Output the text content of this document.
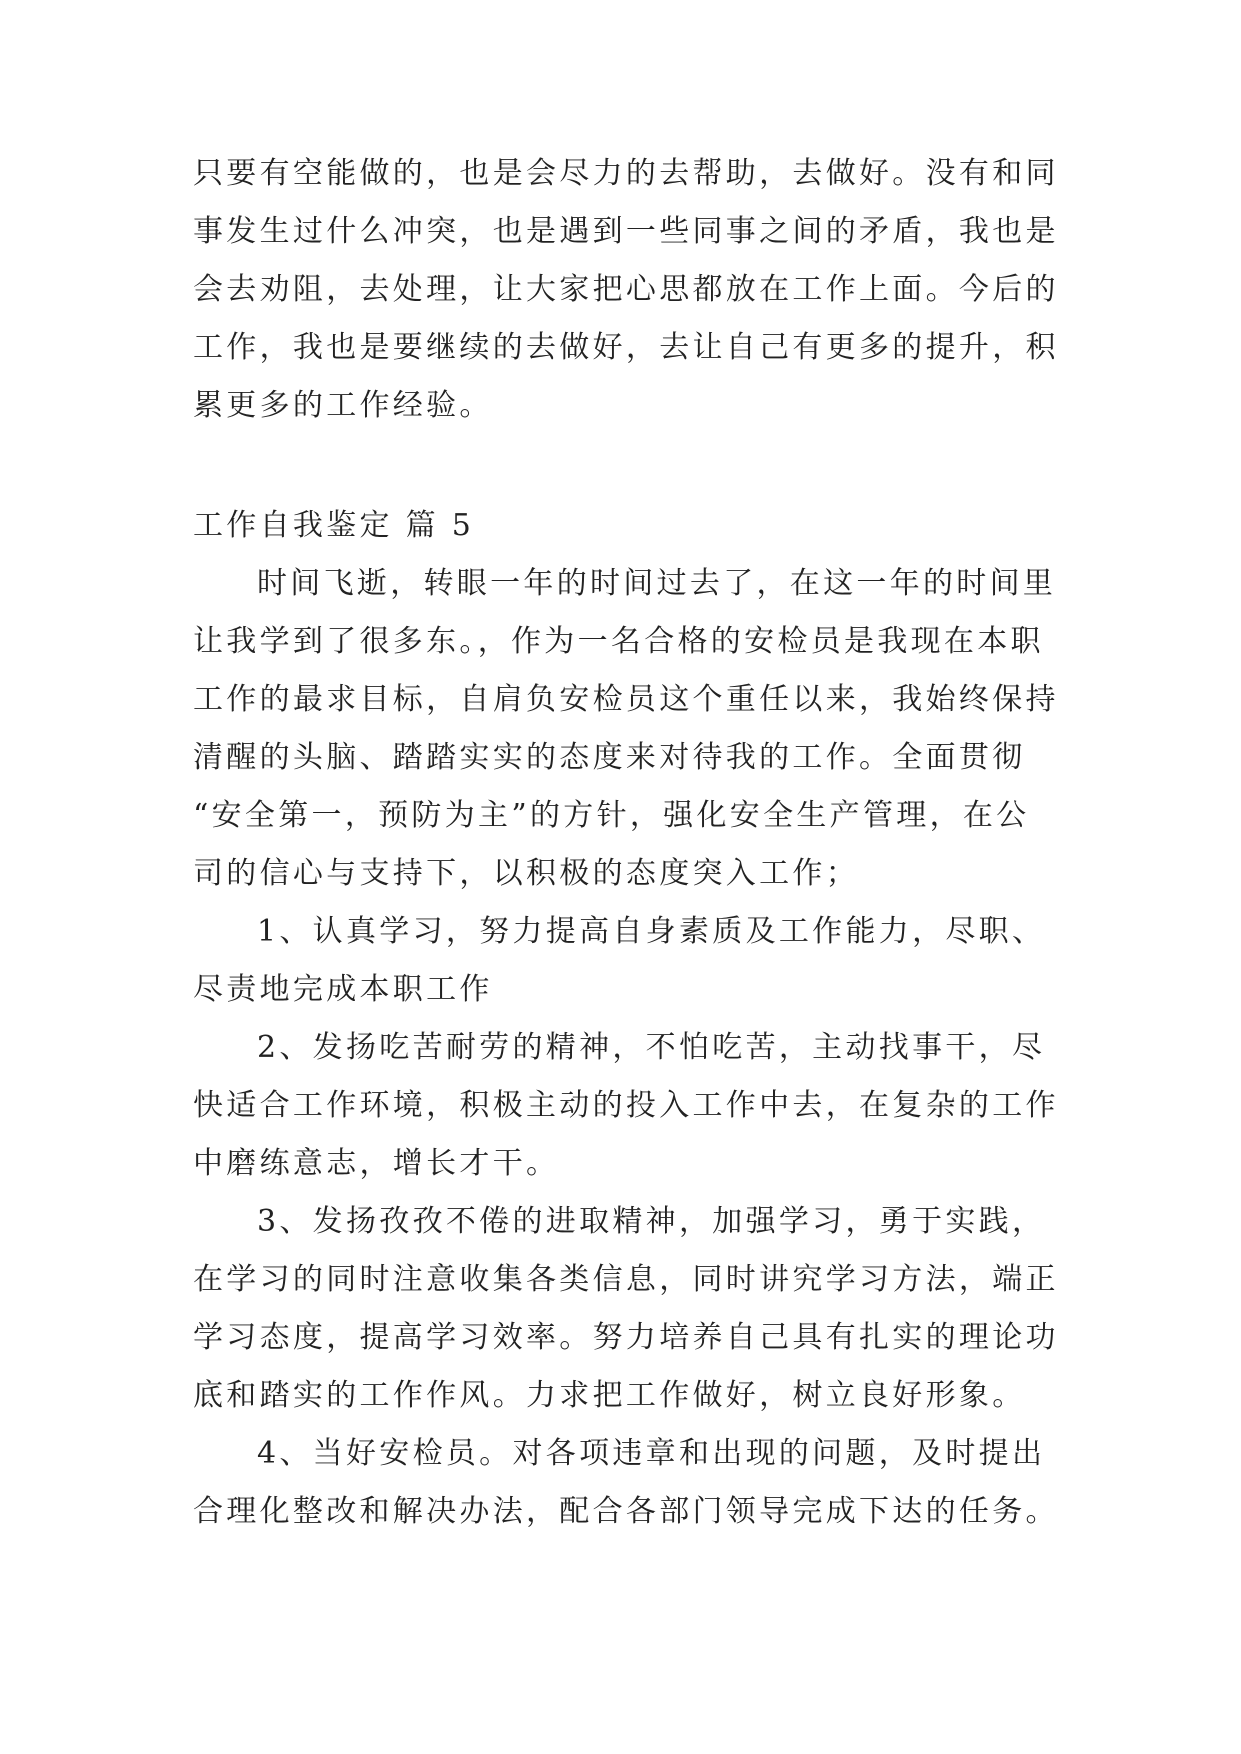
只要有空能做的，也是会尽力的去帮助，去做好。没有和同
事发生过什么冲突，也是遇到一些同事之间的矛盾，我也是
会去劝阻，去处理，让大家把心思都放在工作上面。今后的
工作，我也是要继续的去做好，去让自己有更多的提升，积
累更多的工作经验。
工作自我鉴定 篇 5
时间飞逝，转眼一年的时间过去了，在这一年的时间里
让我学到了很多东。，作为一名合格的安检员是我现在本职
工作的最求目标，自肩负安检员这个重任以来，我始终保持
清醒的头脑、踏踏实实的态度来对待我的工作。全面贯彻
“安全第一，预防为主”的方针，强化安全生产管理，在公
司的信心与支持下，以积极的态度突入工作；
1、认真学习，努力提高自身素质及工作能力，尽职、
尽责地完成本职工作
2、发扬吃苦耐劳的精神，不怕吃苦，主动找事干，尽
快适合工作环境，积极主动的投入工作中去，在复杂的工作
中磨练意志，增长才干。
3、发扬孜孜不倦的进取精神，加强学习，勇于实践，
在学习的同时注意收集各类信息，同时讲究学习方法，端正
学习态度，提高学习效率。努力培养自己具有扎实的理论功
底和踏实的工作作风。力求把工作做好，树立良好形象。
4、当好安检员。对各项违章和出现的问题，及时提出
合理化整改和解决办法，配合各部门领导完成下达的任务。
